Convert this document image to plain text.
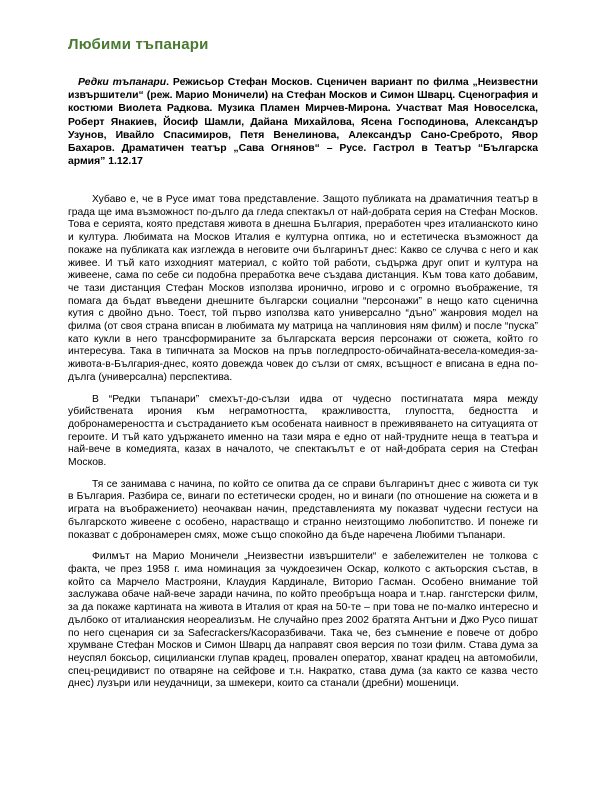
Любими тъпанари

Редки тъпанари. Режисьор Стефан Москов. Сценичен вариант по филма „Неизвестни извършители“ (реж. Марио Моничели) на Стефан Москов и Симон Шварц. Сценография и костюми Виолета Радкова. Музика Пламен Мирчев-Мирона. Участват Мая Новоселска, Роберт Янакиев, Йосиф Шамли, Дайана Михайлова, Ясена Господинова, Александър Узунов, Ивайло Спасимиров, Петя Венелинова, Александър Сано-Среброто, Явор Бахаров. Драматичен театър „Сава Огнянов“ – Русе. Гастрол в Театър “Българска армия” 1.12.17

Хубаво е, че в Русе имат това представление. Защото публиката на драматичния театър в града ще има възможност по-дълго да гледа спектакъл от най-добрата серия на Стефан Москов. Това е серията, която представя живота в днешна България, преработен чрез италианското кино и култура. Любимата на Москов Италия е културна оптика, но и естетическа възможност да покаже на публиката как изглежда в неговите очи българинът днес: Какво се случва с него и как живее. И тъй като изходният материал, с който той работи, съдържа друг опит и култура на живеене, сама по себе си подобна преработка вече създава дистанция. Към това като добавим, че тази дистанция Стефан Москов използва иронично, игрово и с огромно въображение, тя помага да бъдат въведени днешните български социални “персонажи” в нещо като сценична кутия с двойно дъно. Тоест, той първо използва като универсално “дъно” жанровия модел на филма (от своя страна вписан в любимата му матрица на чаплиновия ням филм) и после “пуска” като кукли в него трансформираните за българската версия персонажи от сюжета, който го интересува. Така в типичната за Москов на пръв погледпросто-обичайната-весела-комедия-за-живота-в-България-днес, която довежда човек до сълзи от смях, всъщност е вписана в една по-дълга (универсална) перспектива.

В “Редки тъпанари” смехът-до-сълзи идва от чудесно постигнатата мяра между убийствената ирония към неграмотността, кражливостта, глупостта, бедността и добронамереността и състраданието към особената наивност в преживяването на ситуацията от героите. И тъй като удържането именно на тази мяра е едно от най-трудните неща в театъра и най-вече в комедията, казах в началото, че спектакълът е от най-добрата серия на Стефан Москов.

Тя се занимава с начина, по който се опитва да се справи българинът днес с живота си тук в България. Разбира се, винаги по естетически сроден, но и винаги (по отношение на сюжета и в играта на въображението) неочакван начин, представленията му показват чудесни гестуси на българското живеене с особено, нарастващо и странно неизтощимо любопитство. И понеже ги показват с добронамерен смях, може също спокойно да бъде наречена Любими тъпанари.

Филмът на Марио Моничели „Неизвестни извършители“ е забележителен не толкова с факта, че през 1958 г. има номинация за чуждоезичен Оскар, колкото с актьорския състав, в който са Марчело Мастрояни, Клаудия Кардинале, Виторио Гасман. Особено внимание той заслужава обаче най-вече заради начина, по който преобръща ноара и т.нар. гангстерски филм, за да покаже картината на живота в Италия от края на 50-те – при това не по-малко интересно и дълбоко от италианския неореализъм. Не случайно през 2002 братята Антъни и Джо Русо пишат по него сценария си за Safecrackers/Касоразбивачи. Така че, без съмнение е повече от добро хрумване Стефан Москов и Симон Шварц да направят своя версия по този филм. Става дума за неуспял боксьор, сицилиански глупав крадец, провален оператор, хванат крадец на автомобили, спец-рецидивист по отваряне на сейфове и т.н. Накратко, става дума (за както се казва често днес) лузъри или неудачници, за шмекери, които са станали (дребни) мошеници.
